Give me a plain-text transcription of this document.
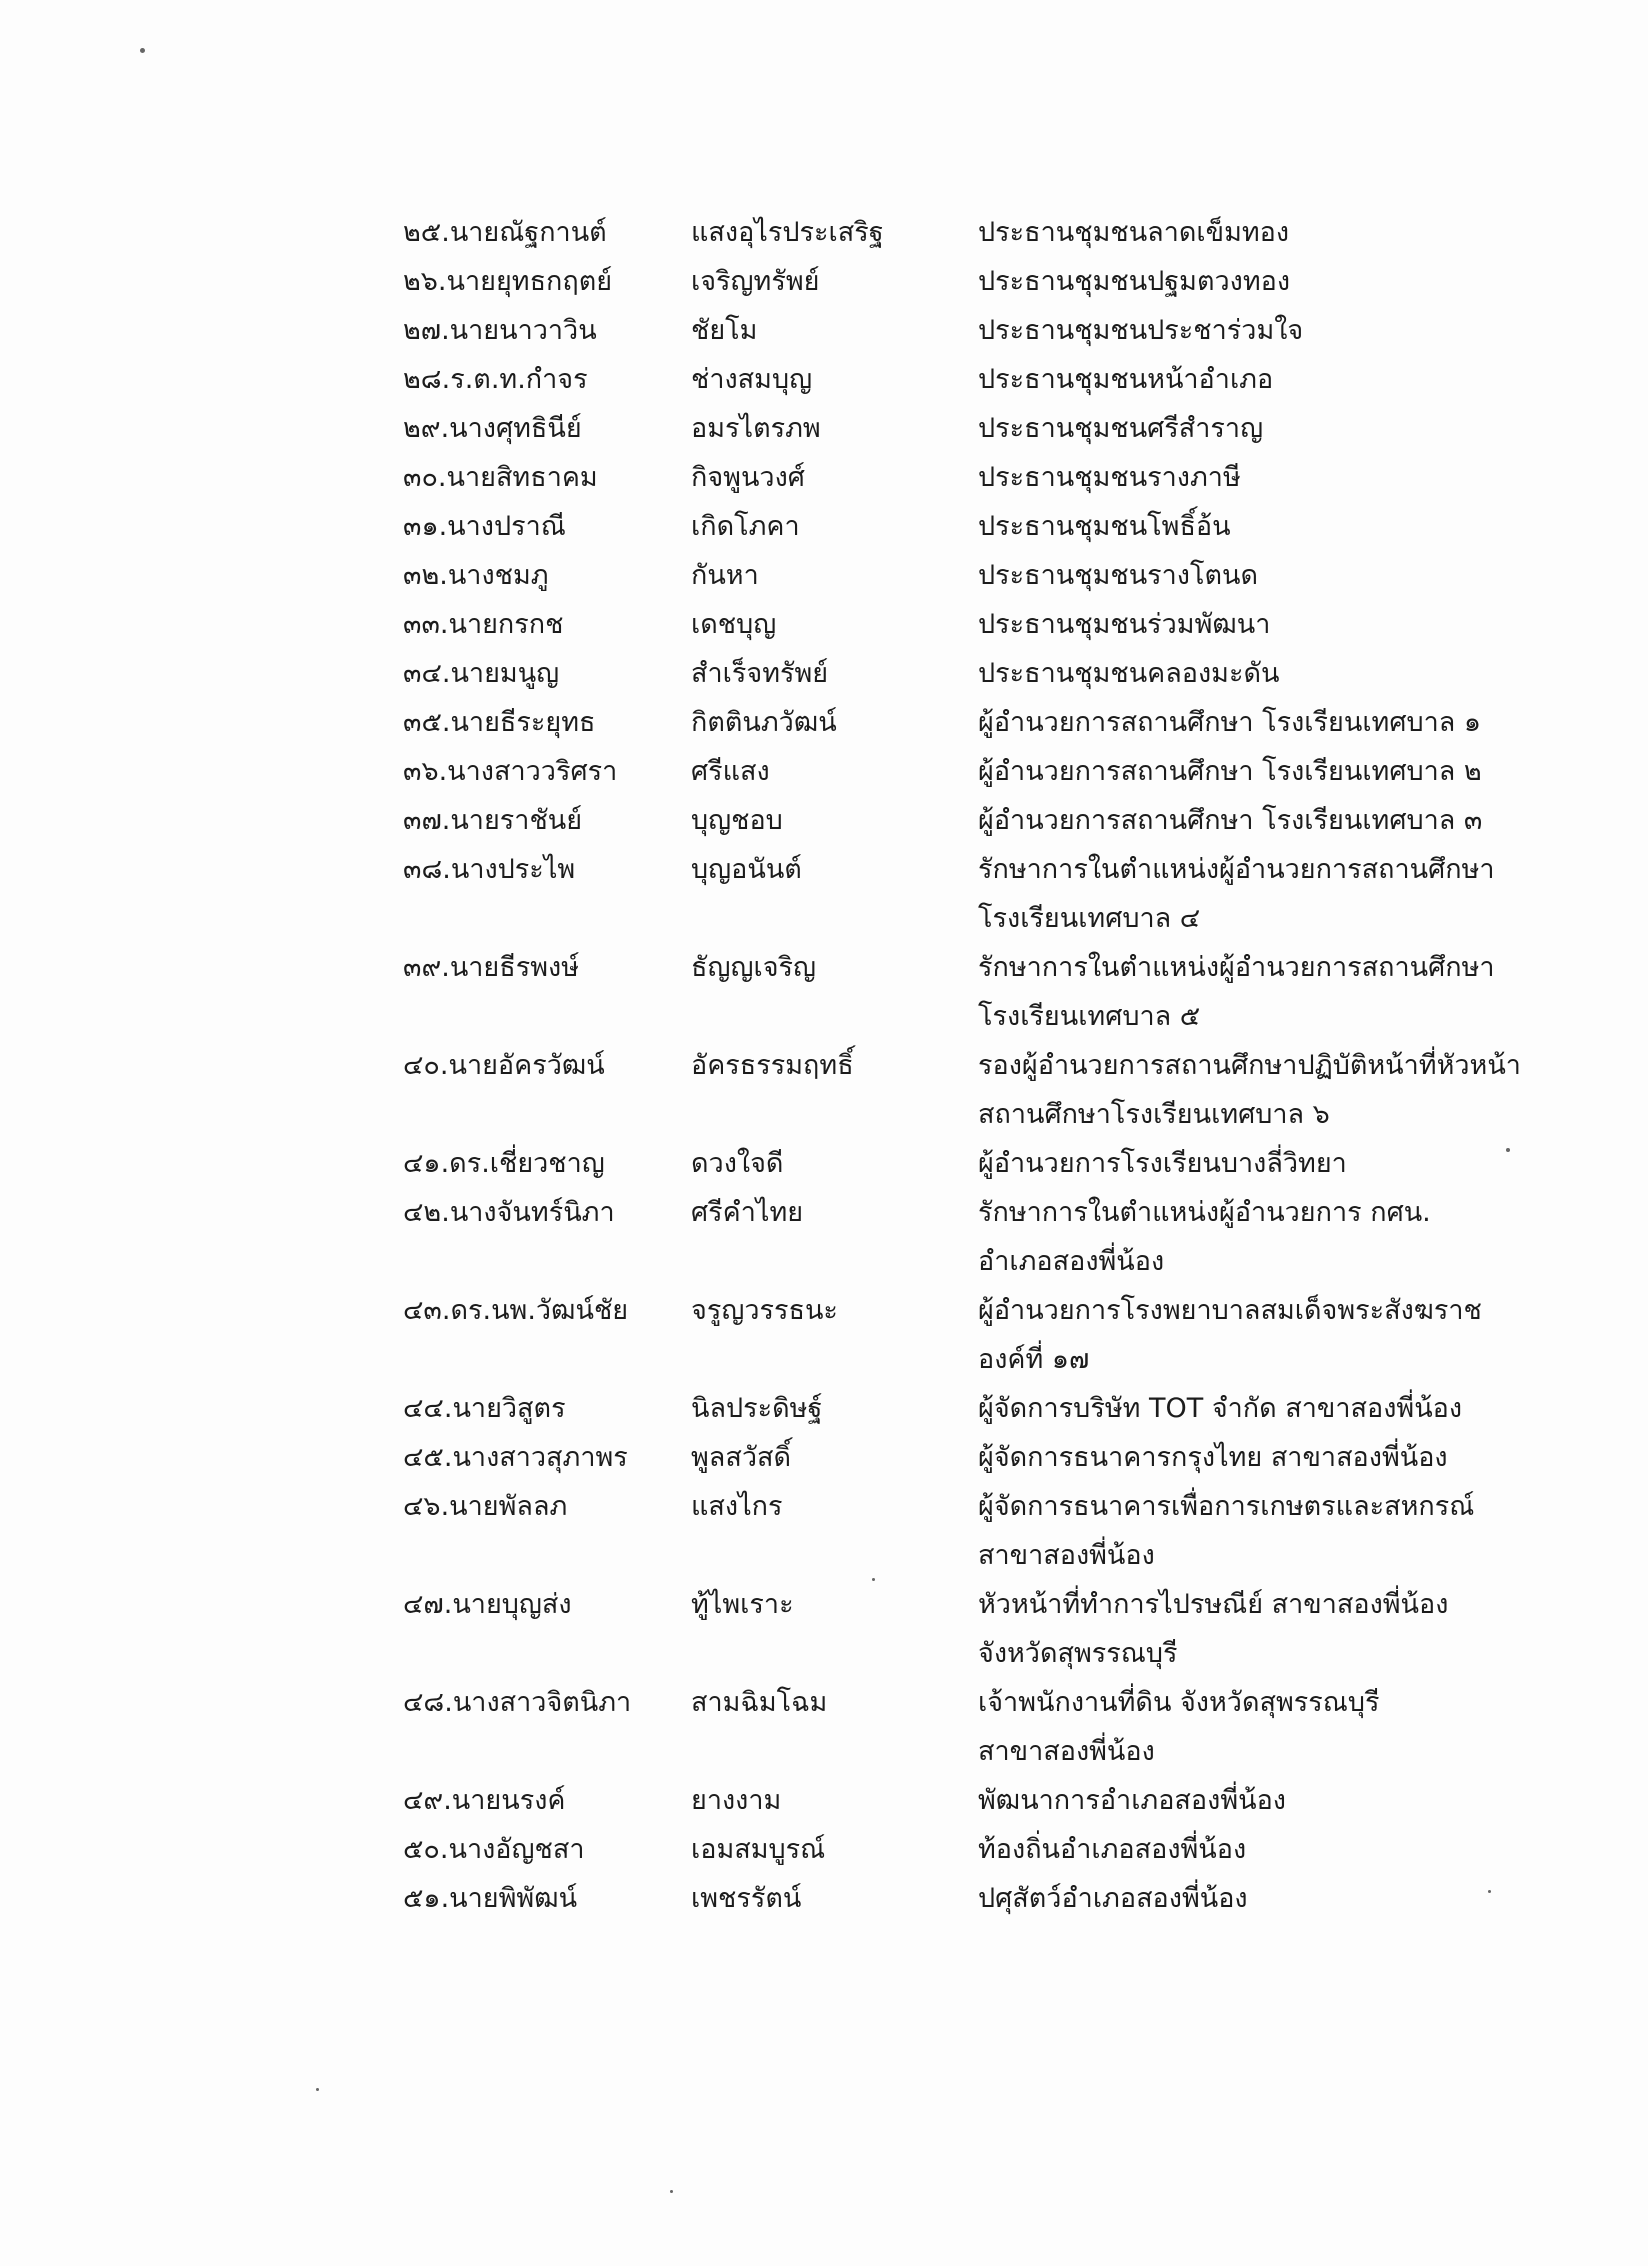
๒๕.นายณัฐกานต์	แสงอุไรประเสริฐ	ประธานชุมชนลาดเข็มทอง
๒๖.นายยุทธกฤตย์	เจริญทรัพย์	ประธานชุมชนปฐมตวงทอง
๒๗.นายนาวาวิน	ชัยโม	ประธานชุมชนประชาร่วมใจ
๒๘.ร.ต.ท.กำจร	ช่างสมบุญ	ประธานชุมชนหน้าอำเภอ
๒๙.นางศุทธินีย์	อมรไตรภพ	ประธานชุมชนศรีสำราญ
๓๐.นายสิทธาคม	กิจพูนวงศ์	ประธานชุมชนรางภาษี
๓๑.นางปราณี	เกิดโภคา	ประธานชุมชนโพธิ์อ้น
๓๒.นางชมภู	กันหา	ประธานชุมชนรางโตนด
๓๓.นายกรกช	เดชบุญ	ประธานชุมชนร่วมพัฒนา
๓๔.นายมนูญ	สำเร็จทรัพย์	ประธานชุมชนคลองมะดัน
๓๕.นายธีระยุทธ	กิตตินภวัฒน์	ผู้อำนวยการสถานศึกษา โรงเรียนเทศบาล ๑
๓๖.นางสาววริศรา	ศรีแสง	ผู้อำนวยการสถานศึกษา โรงเรียนเทศบาล ๒
๓๗.นายราชันย์	บุญชอบ	ผู้อำนวยการสถานศึกษา โรงเรียนเทศบาล ๓
๓๘.นางประไพ	บุญอนันต์	รักษาการในตำแหน่งผู้อำนวยการสถานศึกษา
โรงเรียนเทศบาล ๔
๓๙.นายธีรพงษ์	ธัญญเจริญ	รักษาการในตำแหน่งผู้อำนวยการสถานศึกษา
โรงเรียนเทศบาล ๕
๔๐.นายอัครวัฒน์	อัครธรรมฤทธิ์	รองผู้อำนวยการสถานศึกษาปฏิบัติหน้าที่หัวหน้า
สถานศึกษาโรงเรียนเทศบาล ๖
๔๑.ดร.เชี่ยวชาญ	ดวงใจดี	ผู้อำนวยการโรงเรียนบางลี่วิทยา
๔๒.นางจันทร์นิภา	ศรีคำไทย	รักษาการในตำแหน่งผู้อำนวยการ กศน.
อำเภอสองพี่น้อง
๔๓.ดร.นพ.วัฒน์ชัย	จรูญวรรธนะ	ผู้อำนวยการโรงพยาบาลสมเด็จพระสังฆราช
องค์ที่ ๑๗
๔๔.นายวิสูตร	นิลประดิษฐ์	ผู้จัดการบริษัท TOT จำกัด สาขาสองพี่น้อง
๔๕.นางสาวสุภาพร	พูลสวัสดิ์	ผู้จัดการธนาคารกรุงไทย สาขาสองพี่น้อง
๔๖.นายพัลลภ	แสงไกร	ผู้จัดการธนาคารเพื่อการเกษตรและสหกรณ์
สาขาสองพี่น้อง
๔๗.นายบุญส่ง	ทู้ไพเราะ	หัวหน้าที่ทำการไปรษณีย์ สาขาสองพี่น้อง
จังหวัดสุพรรณบุรี
๔๘.นางสาวจิตนิภา	สามฉิมโฉม	เจ้าพนักงานที่ดิน จังหวัดสุพรรณบุรี
สาขาสองพี่น้อง
๔๙.นายนรงค์	ยางงาม	พัฒนาการอำเภอสองพี่น้อง
๕๐.นางอัญชสา	เอมสมบูรณ์	ท้องถิ่นอำเภอสองพี่น้อง
๕๑.นายพิพัฒน์	เพชรรัตน์	ปศุสัตว์อำเภอสองพี่น้อง
